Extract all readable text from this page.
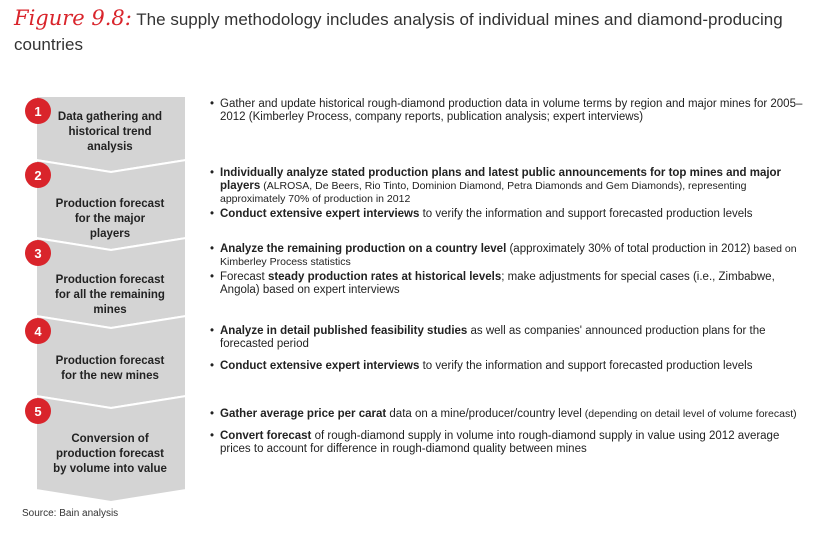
Figure 9.8: The supply methodology includes analysis of individual mines and diamond-producing
countries
1	Data gathering and
historical trend
analysis
• Gather and update historical rough-diamond production data in volume terms by region and major mines for 2005–2012 (Kimberley Process, company reports, publication analysis; expert interviews)
2
Production forecast
for the major
players
• Individually analyze stated production plans and latest public announcements for top mines and major players (ALROSA, De Beers, Rio Tinto, Dominion Diamond, Petra Diamonds and Gem Diamonds), representing approximately 70% of production in 2012
• Conduct extensive expert interviews to verify the information and support forecasted production levels
3
Production forecast
for all the remaining
mines
• Analyze the remaining production on a country level (approximately 30% of total production in 2012) based on Kimberley Process statistics
• Forecast steady production rates at historical levels; make adjustments for special cases (i.e., Zimbabwe, Angola) based on expert interviews
4
Production forecast
for the new mines
• Analyze in detail published feasibility studies as well as companies' announced production plans for the forecasted period
• Conduct extensive expert interviews to verify the information and support forecasted production levels
5
Conversion of
production forecast
by volume into value
• Gather average price per carat data on a mine/producer/country level (depending on detail level of volume forecast)
• Convert forecast of rough-diamond supply in volume into rough-diamond supply in value using 2012 average prices to account for difference in rough-diamond quality between mines
Source: Bain analysis
